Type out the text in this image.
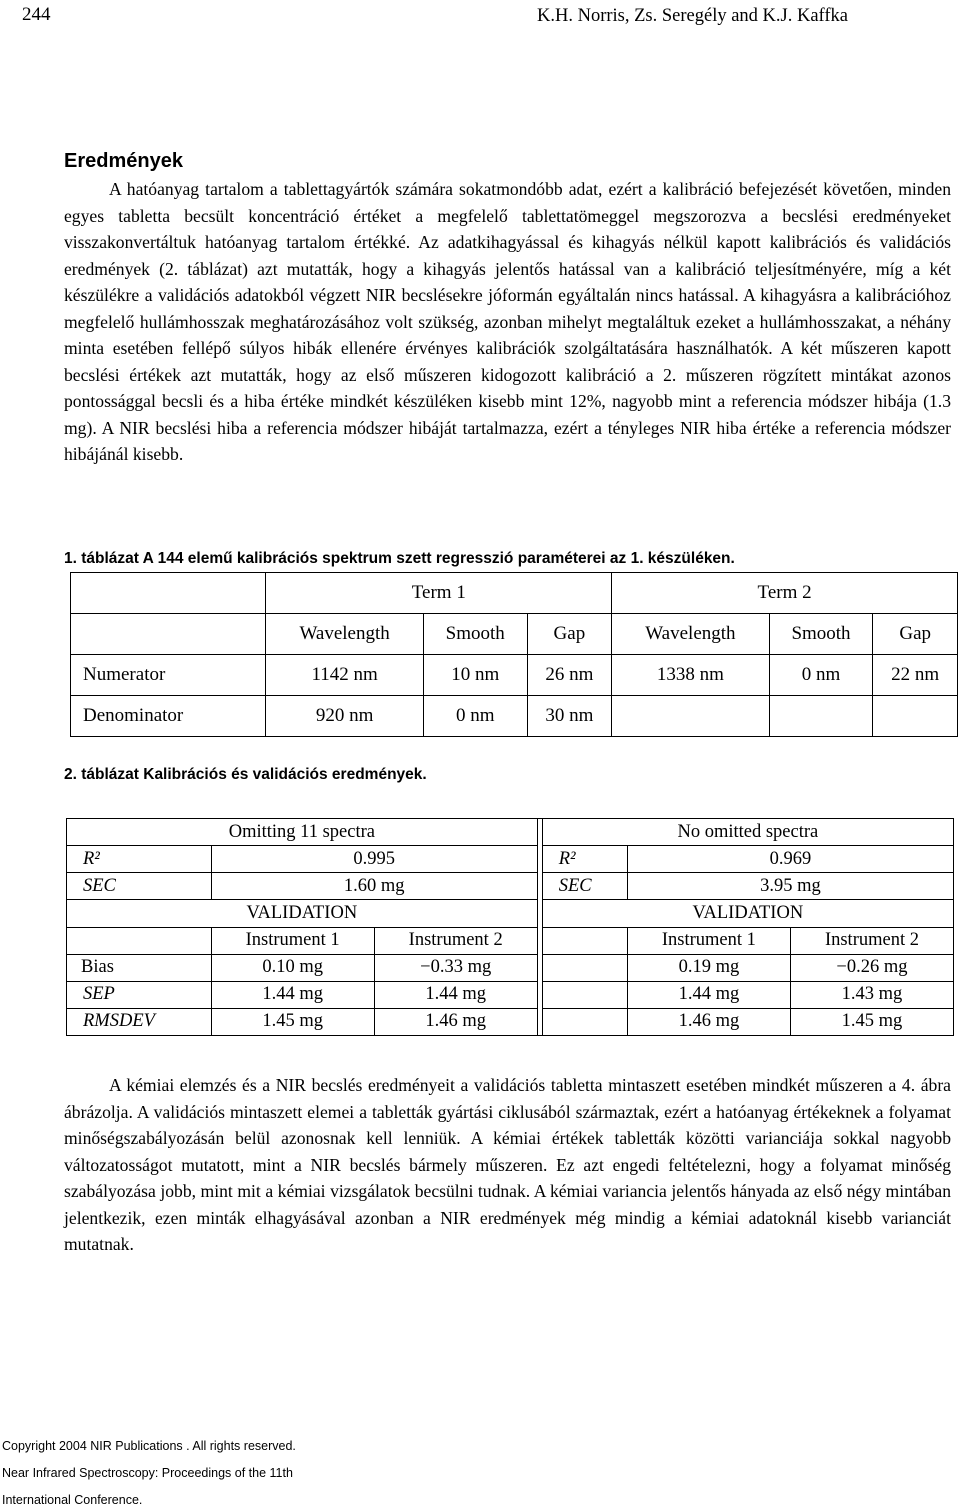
244	K.H. Norris, Zs. Seregély and K.J. Kaffka
Eredmények

A hatóanyag tartalom a tablettagyártók számára sokatmondóbb adat, ezért a kalibráció befejezését követően, minden egyes tabletta becsült koncentráció értéket a megfelelő tablettatömeggel megszorozva a becslési eredményeket visszakonvertáltuk hatóanyag tartalom értékké. Az adatkihagyással és kihagyás nélkül kapott kalibrációs és validációs eredmények (2. táblázat) azt mutatták, hogy a kihagyás jelentős hatással van a kalibráció teljesítményére, míg a két készülékre a validációs adatokból végzett NIR becslésekre jóformán egyáltalán nincs hatással. A kihagyásra a kalibrációhoz megfelelő hullámhosszak meghatározásához volt szükség, azonban mihelyt megtaláltuk ezeket a hullámhosszakat, a néhány minta esetében fellépő súlyos hibák ellenére érvényes kalibrációk szolgáltatására használhatók. A két műszeren kapott becslési értékek azt mutatták, hogy az első műszeren kidogozott kalibráció a 2. műszeren rögzített mintákat azonos pontossággal becsli és a hiba értéke mindkét készüléken kisebb mint 12%, nagyobb mint a referencia módszer hibája (1.3 mg). A NIR becslési hiba a referencia módszer hibáját tartalmazza, ezért a tényleges NIR hiba értéke a referencia módszer hibájánál kisebb.

1. táblázat A 144 elemű kalibrációs spektrum szett regresszió paraméterei az 1. készüléken.
	Term 1			Term 2		
	Wavelength	Smooth	Gap	Wavelength	Smooth	Gap
Numerator	1142 nm	10 nm	26 nm	1338 nm	0 nm	22 nm
Denominator	920 nm	0 nm	30 nm			
2. táblázat Kalibrációs és validációs eredmények.
Omitting 11 spectra				No omitted spectra		
R²	0.995			R²	0.969	
SEC	1.60 mg			SEC	3.95 mg	
VALIDATION				VALIDATION		
	Instrument 1	Instrument 2			Instrument 1	Instrument 2
Bias	0.10 mg	−0.33 mg			0.19 mg	−0.26 mg
SEP	1.44 mg	1.44 mg			1.44 mg	1.43 mg
RMSDEV	1.45 mg	1.46 mg			1.46 mg	1.45 mg

A kémiai elemzés és a NIR becslés eredményeit a validációs tabletta mintaszett esetében mindkét műszeren a 4. ábra ábrázolja. A validációs mintaszett elemei a tabletták gyártási ciklusából származtak, ezért a hatóanyag értékeknek a folyamat minőségszabályozásán belül azonosnak kell lenniük. A kémiai értékek tabletták közötti varianciája sokkal nagyobb változatosságot mutatott, mint a NIR becslés bármely műszeren. Ez azt engedi feltételezni, hogy a folyamat minőség szabályozása jobb, mint mit a kémiai vizsgálatok becsülni tudnak. A kémiai variancia jelentős hányada az első négy mintában jelentkezik, ezen minták elhagyásával azonban a NIR eredmények még mindig a kémiai adatoknál kisebb varianciát mutatnak.

Copyright 2004 NIR Publications . All rights reserved.
Near Infrared Spectroscopy: Proceedings of the 11th
International Conference.
